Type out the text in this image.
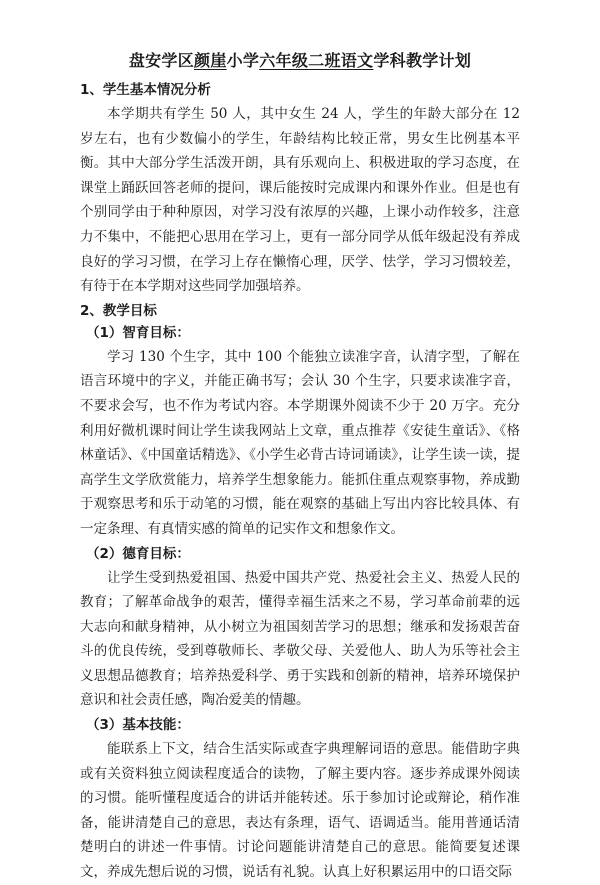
盘安学区颜崖小学六年级二班语文学科教学计划
1、学生基本情况分析

本学期共有学生 50 人，其中女生 24 人，学生的年龄大部分在 12 岁左右，也有少数偏小的学生，年龄结构比较正常，男女生比例基本平衡。其中大部分学生活泼开朗，具有乐观向上、积极进取的学习态度，在课堂上踊跃回答老师的提问，课后能按时完成课内和课外作业。但是也有个别同学由于种种原因，对学习没有浓厚的兴趣，上课小动作较多，注意力不集中，不能把心思用在学习上，更有一部分同学从低年级起没有养成良好的学习习惯，在学习上存在懒惰心理，厌学、怯学，学习习惯较差，有待于在本学期对这些同学加强培养。

2、教学目标
（1）智育目标：

学习 130 个生字，其中 100 个能独立读准字音，认清字型，了解在语言环境中的字义，并能正确书写；会认 30 个生字，只要求读准字音，不要求会写，也不作为考试内容。本学期课外阅读不少于 20 万字。充分利用好微机课时间让学生读我网站上文章，重点推荐《安徒生童话》、《格林童话》、《中国童话精选》、《小学生必背古诗词诵读》，让学生读一读，提高学生文学欣赏能力，培养学生想象能力。能抓住重点观察事物，养成勤于观察思考和乐于动笔的习惯，能在观察的基础上写出内容比较具体、有一定条理、有真情实感的简单的记实作文和想象作文。

（2）德育目标：

让学生受到热爱祖国、热爱中国共产党、热爱社会主义、热爱人民的教育；了解革命战争的艰苦，懂得幸福生活来之不易，学习革命前辈的远大志向和献身精神，从小树立为祖国刻苦学习的思想；继承和发扬艰苦奋斗的优良传统，受到尊敬师长、孝敬父母、关爱他人、助人为乐等社会主义思想品德教育；培养热爱科学、勇于实践和创新的精神，培养环境保护意识和社会责任感，陶冶爱美的情趣。

（3）基本技能：

能联系上下文，结合生活实际或查字典理解词语的意思。能借助字典或有关资料独立阅读程度适合的读物，了解主要内容。逐步养成课外阅读的习惯。能听懂程度适合的讲话并能转述。乐于参加讨论或辩论，稍作准备，能讲清楚自己的意思，表达有条理，语气、语调适当。能用普通话清楚明白的讲述一件事情。讨论问题能讲清楚自己的意思。能简要复述课文，养成先想后说的习惯，说话有礼貌。认真上好积累运用中的口语交际
